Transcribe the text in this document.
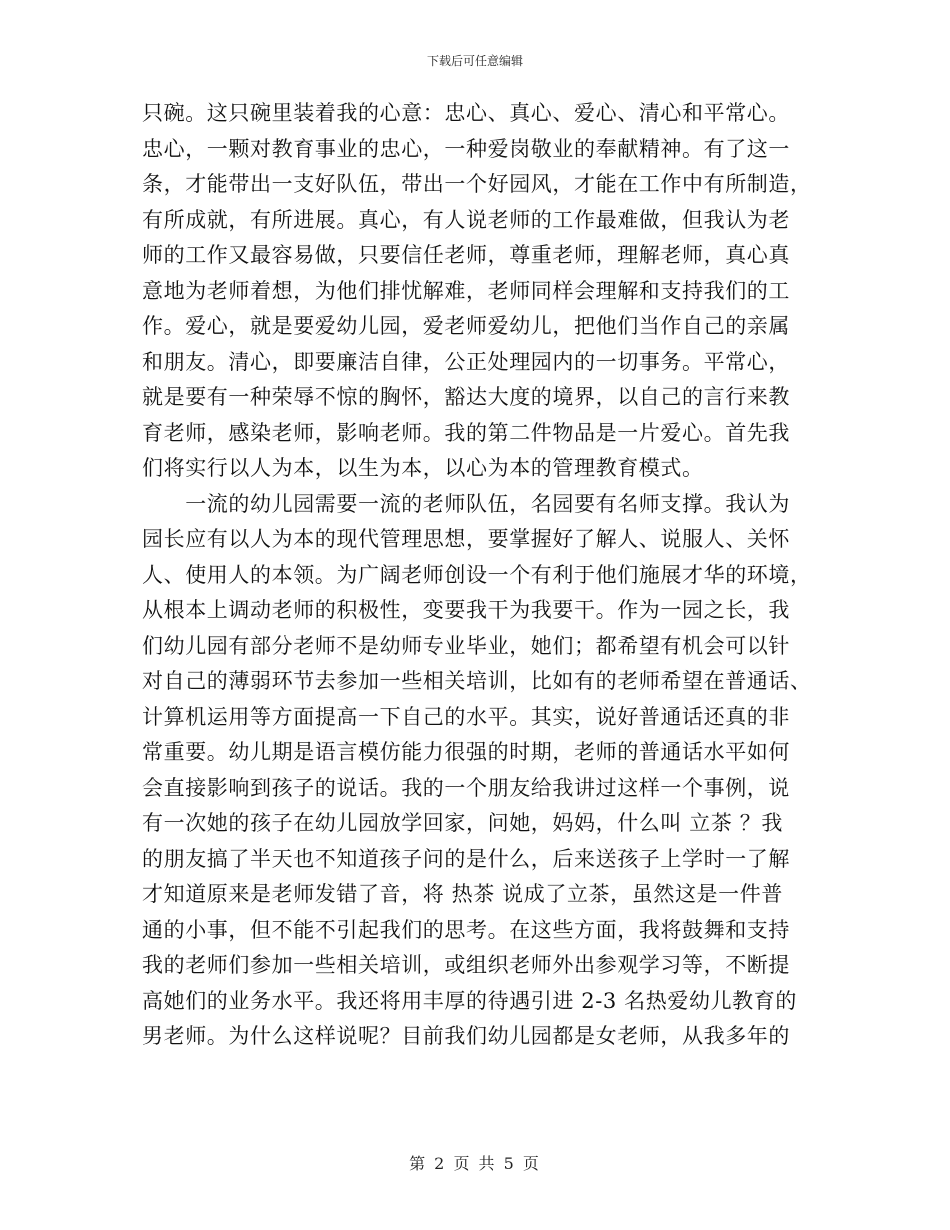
下载后可任意编辑
只碗。这只碗里装着我的心意：忠心、真心、爱心、清心和平常心。
忠心，一颗对教育事业的忠心，一种爱岗敬业的奉献精神。有了这一
条，才能带出一支好队伍，带出一个好园风，才能在工作中有所制造，
有所成就，有所进展。真心，有人说老师的工作最难做，但我认为老
师的工作又最容易做，只要信任老师，尊重老师，理解老师，真心真
意地为老师着想，为他们排忧解难，老师同样会理解和支持我们的工
作。爱心，就是要爱幼儿园，爱老师爱幼儿，把他们当作自己的亲属
和朋友。清心，即要廉洁自律，公正处理园内的一切事务。平常心，
就是要有一种荣辱不惊的胸怀，豁达大度的境界，以自己的言行来教
育老师，感染老师，影响老师。我的第二件物品是一片爱心。首先我
们将实行以人为本，以生为本，以心为本的管理教育模式。
　　一流的幼儿园需要一流的老师队伍，名园要有名师支撑。我认为
园长应有以人为本的现代管理思想，要掌握好了解人、说服人、关怀
人、使用人的本领。为广阔老师创设一个有利于他们施展才华的环境，
从根本上调动老师的积极性，变要我干为我要干。作为一园之长，我
们幼儿园有部分老师不是幼师专业毕业，她们；都希望有机会可以针
对自己的薄弱环节去参加一些相关培训，比如有的老师希望在普通话、
计算机运用等方面提高一下自己的水平。其实，说好普通话还真的非
常重要。幼儿期是语言模仿能力很强的时期，老师的普通话水平如何
会直接影响到孩子的说话。我的一个朋友给我讲过这样一个事例，说
有一次她的孩子在幼儿园放学回家，问她，妈妈，什么叫 立茶 ？我
的朋友搞了半天也不知道孩子问的是什么，后来送孩子上学时一了解
才知道原来是老师发错了音，将 热茶 说成了立茶，虽然这是一件普
通的小事，但不能不引起我们的思考。在这些方面，我将鼓舞和支持
我的老师们参加一些相关培训，或组织老师外出参观学习等，不断提
高她们的业务水平。我还将用丰厚的待遇引进 2-3 名热爱幼儿教育的
男老师。为什么这样说呢？目前我们幼儿园都是女老师，从我多年的
第 2 页 共 5 页
